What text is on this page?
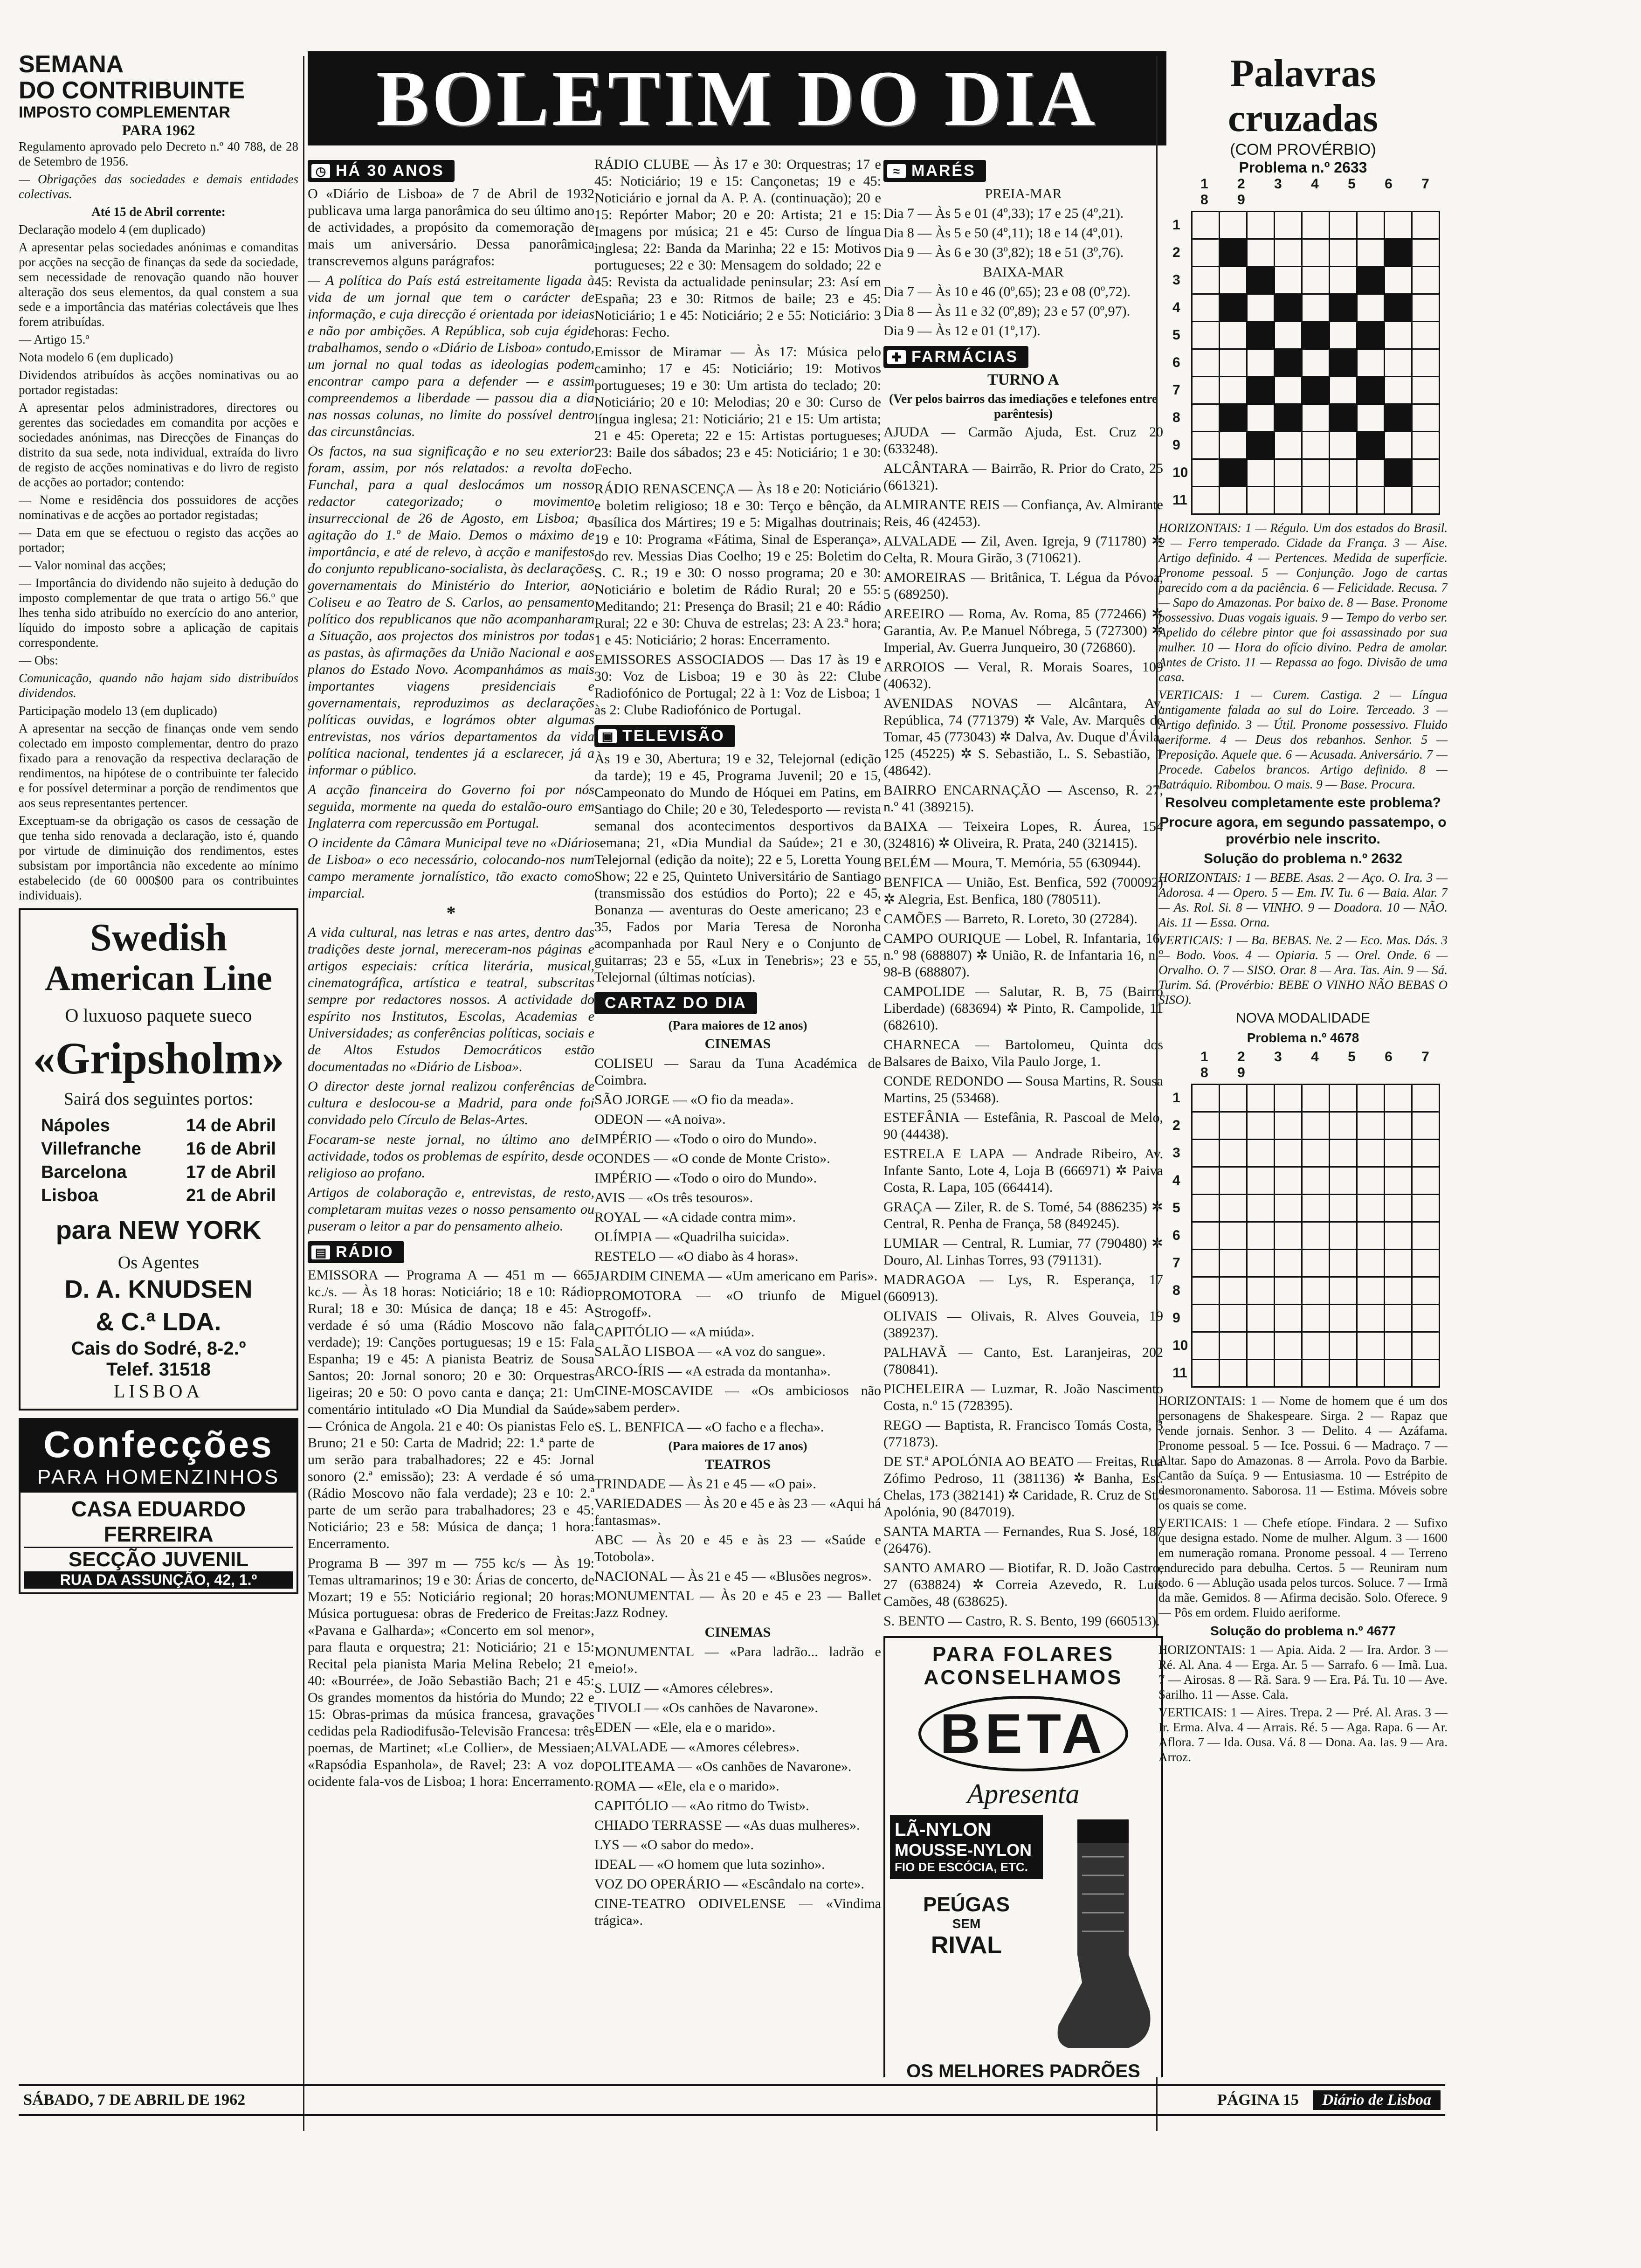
BOLETIM DO DIA
SEMANA
DO CONTRIBUINTE
IMPOSTO COMPLEMENTAR
PARA 1962

Regulamento aprovado pelo Decreto n.º 40 788, de 28 de Setembro de 1956.

— Obrigações das sociedades e demais entidades colectivas.

Até 15 de Abril corrente:

Declaração modelo 4 (em duplicado)

A apresentar pelas sociedades anónimas e comanditas por acções na secção de finanças da sede da sociedade, sem necessidade de renovação quando não houver alteração dos seus elementos, da qual constem a sua sede e a importância das matérias colectáveis que lhes forem atribuídas.

— Artigo 15.º

Nota modelo 6 (em duplicado)

Dividendos atribuídos às acções nominativas ou ao portador registadas:

A apresentar pelos administradores, directores ou gerentes das sociedades em comandita por acções e sociedades anónimas, nas Direcções de Finanças do distrito da sua sede, nota individual, extraída do livro de registo de acções nominativas e do livro de registo de acções ao portador; contendo:

— Nome e residência dos possuidores de acções nominativas e de acções ao portador registadas;

— Data em que se efectuou o registo das acções ao portador;

— Valor nominal das acções;

— Importância do dividendo não sujeito à dedução do imposto complementar de que trata o artigo 56.º que lhes tenha sido atribuído no exercício do ano anterior, líquido do imposto sobre a aplicação de capitais correspondente.

— Obs:

Comunicação, quando não hajam sido distribuídos dividendos.

Participação modelo 13 (em duplicado)

A apresentar na secção de finanças onde vem sendo colectado em imposto complementar, dentro do prazo fixado para a renovação da respectiva declaração de rendimentos, na hipótese de o contribuinte ter falecido e for possível determinar a porção de rendimentos que aos seus representantes pertencer.

Exceptuam-se da obrigação os casos de cessação de que tenha sido renovada a declaração, isto é, quando por virtude de diminuição dos rendimentos, estes subsistam por importância não excedente ao mínimo estabelecido (de 60 000$00 para os contribuintes individuais).

Swedish
American Line
O luxuoso paquete sueco
«Gripsholm»
Sairá dos seguintes portos:
Nápoles	14 de Abril
Villefranche	16 de Abril
Barcelona	17 de Abril
Lisboa	21 de Abril
para NEW YORK
Os Agentes
D. A. KNUDSEN
& C.ª LDA.
Cais do Sodré, 8-2.º
Telef. 31518
LISBOA
Confecções
PARA HOMENZINHOS
CASA EDUARDO FERREIRA
SECÇÃO JUVENIL
RUA DA ASSUNÇÃO, 42, 1.º
◷ HÁ 30 ANOS

O «Diário de Lisboa» de 7 de Abril de 1932 publicava uma larga panorâmica do seu último ano de actividades, a propósito da comemoração de mais um aniversário. Dessa panorâmica transcrevemos alguns parágrafos:

— A política do País está estreitamente ligada à vida de um jornal que tem o carácter de informação, e cuja direcção é orientada por ideias e não por ambições. A República, sob cuja égide trabalhamos, sendo o «Diário de Lisboa» contudo, um jornal no qual todas as ideologias podem encontrar campo para a defender — e assim compreendemos a liberdade — passou dia a dia nas nossas colunas, no limite do possível dentro das circunstâncias.

Os factos, na sua significação e no seu exterior foram, assim, por nós relatados: a revolta do Funchal, para a qual deslocámos um nosso redactor categorizado; o movimento insurreccional de 26 de Agosto, em Lisboa; a agitação do 1.º de Maio. Demos o máximo de importância, e até de relevo, à acção e manifestos do conjunto republicano-socialista, às declarações governamentais do Ministério do Interior, ao Coliseu e ao Teatro de S. Carlos, ao pensamento político dos republicanos que não acompanharam a Situação, aos projectos dos ministros por todas as pastas, às afirmações da União Nacional e aos planos do Estado Novo. Acompanhámos as mais importantes viagens presidenciais e governamentais, reproduzimos as declarações políticas ouvidas, e lográmos obter algumas entrevistas, nos vários departamentos da vida política nacional, tendentes já a esclarecer, já a informar o público.

A acção financeira do Governo foi por nós seguida, mormente na queda do estalão-ouro em Inglaterra com repercussão em Portugal.

O incidente da Câmara Municipal teve no «Diário de Lisboa» o eco necessário, colocando-nos num campo meramente jornalístico, tão exacto como imparcial.

*

A vida cultural, nas letras e nas artes, dentro das tradições deste jornal, mereceram-nos páginas e artigos especiais: crítica literária, musical, cinematográfica, artística e teatral, subscritas sempre por redactores nossos. A actividade do espírito nos Institutos, Escolas, Academias e Universidades; as conferências políticas, sociais e de Altos Estudos Democráticos estão documentadas no «Diário de Lisboa».

O director deste jornal realizou conferências de cultura e deslocou-se a Madrid, para onde foi convidado pelo Círculo de Belas-Artes.

Focaram-se neste jornal, no último ano de actividade, todos os problemas de espírito, desde o religioso ao profano.

Artigos de colaboração e, entrevistas, de resto, completaram muitas vezes o nosso pensamento ou puseram o leitor a par do pensamento alheio.

▤ RÁDIO

EMISSORA — Programa A — 451 m — 665 kc./s. — Às 18 horas: Noticiário; 18 e 10: Rádio Rural; 18 e 30: Música de dança; 18 e 45: A verdade é só uma (Rádio Moscovo não fala verdade); 19: Canções portuguesas; 19 e 15: Fala Espanha; 19 e 45: A pianista Beatriz de Sousa Santos; 20: Jornal sonoro; 20 e 30: Orquestras ligeiras; 20 e 50: O povo canta e dança; 21: Um comentário intitulado «O Dia Mundial da Saúde» — Crónica de Angola. 21 e 40: Os pianistas Felo e Bruno; 21 e 50: Carta de Madrid; 22: 1.ª parte de um serão para trabalhadores; 22 e 45: Jornal sonoro (2.ª emissão); 23: A verdade é só uma (Rádio Moscovo não fala verdade); 23 e 10: 2.ª parte de um serão para trabalhadores; 23 e 45: Noticiário; 23 e 58: Música de dança; 1 hora: Encerramento.

Programa B — 397 m — 755 kc/s — Às 19: Temas ultramarinos; 19 e 30: Árias de concerto, de Mozart; 19 e 55: Noticiário regional; 20 horas: Música portuguesa: obras de Frederico de Freitas: «Pavana e Galharda»; «Concerto em sol menor», para flauta e orquestra; 21: Noticiário; 21 e 15: Recital pela pianista Maria Melina Rebelo; 21 e 40: «Bourrée», de João Sebastião Bach; 21 e 45: Os grandes momentos da história do Mundo; 22 e 15: Obras-primas da música francesa, gravações cedidas pela Radiodifusão-Televisão Francesa: três poemas, de Martinet; «Le Collier», de Messiaen; «Rapsódia Espanhola», de Ravel; 23: A voz do ocidente fala-vos de Lisboa; 1 hora: Encerramento.

RÁDIO CLUBE — Às 17 e 30: Orquestras; 17 e 45: Noticiário; 19 e 15: Cançonetas; 19 e 45: Noticiário e jornal da A. P. A. (continuação); 20 e 15: Repórter Mabor; 20 e 20: Artista; 21 e 15: Imagens por música; 21 e 45: Curso de língua inglesa; 22: Banda da Marinha; 22 e 15: Motivos portugueses; 22 e 30: Mensagem do soldado; 22 e 45: Revista da actualidade peninsular; 23: Así em España; 23 e 30: Ritmos de baile; 23 e 45: Noticiário; 1 e 45: Noticiário; 2 e 55: Noticiário: 3 horas: Fecho.

Emissor de Miramar — Às 17: Música pelo caminho; 17 e 45: Noticiário; 19: Motivos portugueses; 19 e 30: Um artista do teclado; 20: Noticiário; 20 e 10: Melodias; 20 e 30: Curso de língua inglesa; 21: Noticiário; 21 e 15: Um artista; 21 e 45: Opereta; 22 e 15: Artistas portugueses; 23: Baile dos sábados; 23 e 45: Noticiário; 1 e 30: Fecho.

RÁDIO RENASCENÇA — Às 18 e 20: Noticiário e boletim religioso; 18 e 30: Terço e bênção, da basílica dos Mártires; 19 e 5: Migalhas doutrinais; 19 e 10: Programa «Fátima, Sinal de Esperança», do rev. Messias Dias Coelho; 19 e 25: Boletim do S. C. R.; 19 e 30: O nosso programa; 20 e 30: Noticiário e boletim de Rádio Rural; 20 e 55: Meditando; 21: Presença do Brasil; 21 e 40: Rádio Rural; 22 e 30: Chuva de estrelas; 23: A 23.ª hora; 1 e 45: Noticiário; 2 horas: Encerramento.

EMISSORES ASSOCIADOS — Das 17 às 19 e 30: Voz de Lisboa; 19 e 30 às 22: Clube Radiofónico de Portugal; 22 à 1: Voz de Lisboa; 1 às 2: Clube Radiofónico de Portugal.

▣ TELEVISÃO

Às 19 e 30, Abertura; 19 e 32, Telejornal (edição da tarde); 19 e 45, Programa Juvenil; 20 e 15, Campeonato do Mundo de Hóquei em Patins, em Santiago do Chile; 20 e 30, Teledesporto — revista semanal dos acontecimentos desportivos da semana; 21, «Dia Mundial da Saúde»; 21 e 30, Telejornal (edição da noite); 22 e 5, Loretta Young Show; 22 e 25, Quinteto Universitário de Santiago (transmissão dos estúdios do Porto); 22 e 45, Bonanza — aventuras do Oeste americano; 23 e 35, Fados por Maria Teresa de Noronha acompanhada por Raul Nery e o Conjunto de guitarras; 23 e 55, «Lux in Tenebris»; 23 e 55, Telejornal (últimas notícias).

CARTAZ DO DIA

(Para maiores de 12 anos)

CINEMAS

COLISEU — Sarau da Tuna Académica de Coimbra.

SÃO JORGE — «O fio da meada».

ODEON — «A noiva».

IMPÉRIO — «Todo o oiro do Mundo».

CONDES — «O conde de Monte Cristo».

IMPÉRIO — «Todo o oiro do Mundo».

AVIS — «Os três tesouros».

ROYAL — «A cidade contra mim».

OLÍMPIA — «Quadrilha suicida».

RESTELO — «O diabo às 4 horas».

JARDIM CINEMA — «Um americano em Paris».

PROMOTORA — «O triunfo de Miguel Strogoff».

CAPITÓLIO — «A miúda».

SALÃO LISBOA — «A voz do sangue».

ARCO-ÍRIS — «A estrada da montanha».

CINE-MOSCAVIDE — «Os ambiciosos não sabem perder».

S. L. BENFICA — «O facho e a flecha».

(Para maiores de 17 anos)

TEATROS

TRINDADE — Às 21 e 45 — «O pai».

VARIEDADES — Às 20 e 45 e às 23 — «Aqui há fantasmas».

ABC — Às 20 e 45 e às 23 — «Saúde e Totobola».

NACIONAL — Às 21 e 45 — «Blusões negros».

MONUMENTAL — Às 20 e 45 e 23 — Ballet Jazz Rodney.

CINEMAS

MONUMENTAL — «Para ladrão... ladrão e meio!».

S. LUIZ — «Amores célebres».

TIVOLI — «Os canhões de Navarone».

EDEN — «Ele, ela e o marido».

ALVALADE — «Amores célebres».

POLITEAMA — «Os canhões de Navarone».

ROMA — «Ele, ela e o marido».

CAPITÓLIO — «Ao ritmo do Twist».

CHIADO TERRASSE — «As duas mulheres».

LYS — «O sabor do medo».

IDEAL — «O homem que luta sozinho».

VOZ DO OPERÁRIO — «Escândalo na corte».

CINE-TEATRO ODIVELENSE — «Vindima trágica».

≈ MARÉS

PREIA-MAR

Dia 7 — Às 5 e 01 (4º,33); 17 e 25 (4º,21).

Dia 8 — Às 5 e 50 (4º,11); 18 e 14 (4º,01).

Dia 9 — Às 6 e 30 (3º,82); 18 e 51 (3º,76).

BAIXA-MAR

Dia 7 — Às 10 e 46 (0º,65); 23 e 08 (0º,72).

Dia 8 — Às 11 e 32 (0º,89); 23 e 57 (0º,97).

Dia 9 — Às 12 e 01 (1º,17).

✚ FARMÁCIAS

TURNO A

(Ver pelos bairros das imediações e telefones entre parêntesis)

AJUDA — Carmão Ajuda, Est. Cruz 20 (633248).

ALCÂNTARA — Bairrão, R. Prior do Crato, 25 (661321).

ALMIRANTE REIS — Confiança, Av. Almirante Reis, 46 (42453).

ALVALADE — Zil, Aven. Igreja, 9 (711780) ✲ Celta, R. Moura Girão, 3 (710621).

AMOREIRAS — Britânica, T. Légua da Póvoa, 5 (689250).

AREEIRO — Roma, Av. Roma, 85 (772466) ✲ Garantia, Av. P.e Manuel Nóbrega, 5 (727300) ✲ Imperial, Av. Guerra Junqueiro, 30 (726860).

ARROIOS — Veral, R. Morais Soares, 109 (40632).

AVENIDAS NOVAS — Alcântara, Av. República, 74 (771379) ✲ Vale, Av. Marquês de Tomar, 45 (773043) ✲ Dalva, Av. Duque d'Ávila, 125 (45225) ✲ S. Sebastião, L. S. Sebastião, 1 (48642).

BAIRRO ENCARNAÇÃO — Ascenso, R. 27, n.º 41 (389215).

BAIXA — Teixeira Lopes, R. Áurea, 154 (324816) ✲ Oliveira, R. Prata, 240 (321415).

BELÉM — Moura, T. Memória, 55 (630944).

BENFICA — União, Est. Benfica, 592 (700092) ✲ Alegria, Est. Benfica, 180 (780511).

CAMÕES — Barreto, R. Loreto, 30 (27284).

CAMPO OURIQUE — Lobel, R. Infantaria, 16, n.º 98 (688807) ✲ União, R. de Infantaria 16, n.º 98-B (688807).

CAMPOLIDE — Salutar, R. B, 75 (Bairro Liberdade) (683694) ✲ Pinto, R. Campolide, 11 (682610).

CHARNECA — Bartolomeu, Quinta dos Balsares de Baixo, Vila Paulo Jorge, 1.

CONDE REDONDO — Sousa Martins, R. Sousa Martins, 25 (53468).

ESTEFÂNIA — Estefânia, R. Pascoal de Melo, 90 (44438).

ESTRELA E LAPA — Andrade Ribeiro, Av. Infante Santo, Lote 4, Loja B (666971) ✲ Paiva Costa, R. Lapa, 105 (664414).

GRAÇA — Ziler, R. de S. Tomé, 54 (886235) ✲ Central, R. Penha de França, 58 (849245).

LUMIAR — Central, R. Lumiar, 77 (790480) ✲ Douro, Al. Linhas Torres, 93 (791131).

MADRAGOA — Lys, R. Esperança, 17 (660913).

OLIVAIS — Olivais, R. Alves Gouveia, 19 (389237).

PALHAVÃ — Canto, Est. Laranjeiras, 202 (780841).

PICHELEIRA — Luzmar, R. João Nascimento Costa, n.º 15 (728395).

REGO — Baptista, R. Francisco Tomás Costa, 3 (771873).

DE ST.ª APOLÓNIA AO BEATO — Freitas, Rua Zófimo Pedroso, 11 (381136) ✲ Banha, Est. Chelas, 173 (382141) ✲ Caridade, R. Cruz de St.ª Apolónia, 90 (847019).

SANTA MARTA — Fernandes, Rua S. José, 187 (26476).

SANTO AMARO — Biotifar, R. D. João Castro, 27 (638824) ✲ Correia Azevedo, R. Luís Camões, 48 (638625).

S. BENTO — Castro, R. S. Bento, 199 (660513).

PARA FOLARES
ACONSELHAMOS
BETA
Apresenta
LÃ-NYLON
MOUSSE-NYLON
FIO DE ESCÓCIA, ETC.
PEÚGAS
SEM
RIVAL
OS MELHORES PADRÕES
Palavras cruzadas
(COM PROVÉRBIO)
Problema n.º 2633
1 2 3 4 5 6 7 8 9
1									
2									
3									
4									
5									
6									
7									
8									
9									
10									
11									

HORIZONTAIS: 1 — Régulo. Um dos estados do Brasil. 2 — Ferro temperado. Cidade da França. 3 — Aise. Artigo definido. 4 — Pertences. Medida de superfície. Pronome pessoal. 5 — Conjunção. Jogo de cartas parecido com a da paciência. 6 — Felicidade. Recusa. 7 — Sapo do Amazonas. Por baixo de. 8 — Base. Pronome possessivo. Duas vogais iguais. 9 — Tempo do verbo ser. Apelido do célebre pintor que foi assassinado por sua mulher. 10 — Hora do ofício divino. Pedra de amolar. Antes de Cristo. 11 — Repassa ao fogo. Divisão de uma casa.

VERTICAIS: 1 — Curem. Castiga. 2 — Língua antigamente falada ao sul do Loire. Terceado. 3 — Artigo definido. 3 — Útil. Pronome possessivo. Fluido aeriforme. 4 — Deus dos rebanhos. Senhor. 5 — Preposição. Aquele que. 6 — Acusada. Aniversário. 7 — Procede. Cabelos brancos. Artigo definido. 8 — Batráquio. Ribombou. O mais. 9 — Base. Procura.

Resolveu completamente este problema?

Procure agora, em segundo passatempo, o provérbio nele inscrito.

Solução do problema n.º 2632

HORIZONTAIS: 1 — BEBE. Asas. 2 — Aço. O. Ira. 3 — Adorosa. 4 — Opero. 5 — Em. IV. Tu. 6 — Baia. Alar. 7 — As. Rol. Si. 8 — VINHO. 9 — Doadora. 10 — NÃO. Ais. 11 — Essa. Orna.

VERTICAIS: 1 — Ba. BEBAS. Ne. 2 — Eco. Mas. Dás. 3 — Bodo. Voos. 4 — Opiaria. 5 — Orel. Onde. 6 — Orvalho. O. 7 — SISO. Orar. 8 — Ara. Tas. Ain. 9 — Sá. Turim. Sá. (Provérbio: BEBE O VINHO NÃO BEBAS O SISO).

NOVA MODALIDADE

Problema n.º 4678

1 2 3 4 5 6 7 8 9
1									
2									
3									
4									
5									
6									
7									
8									
9									
10									
11									

HORIZONTAIS: 1 — Nome de homem que é um dos personagens de Shakespeare. Sirga. 2 — Rapaz que vende jornais. Senhor. 3 — Delito. 4 — Azáfama. Pronome pessoal. 5 — Ice. Possui. 6 — Madraço. 7 — Altar. Sapo do Amazonas. 8 — Arrola. Povo da Barbie. Cantão da Suíça. 9 — Entusiasma. 10 — Estrépito de desmoronamento. Saborosa. 11 — Estima. Móveis sobre os quais se come.

VERTICAIS: 1 — Chefe etíope. Findara. 2 — Sufixo que designa estado. Nome de mulher. Algum. 3 — 1600 em numeração romana. Pronome pessoal. 4 — Terreno endurecido para debulha. Certos. 5 — Reuniram num todo. 6 — Ablução usada pelos turcos. Soluce. 7 — Irmã da mãe. Gemidos. 8 — Afirma decisão. Solo. Oferece. 9 — Pôs em ordem. Fluido aeriforme.

Solução do problema n.º 4677

HORIZONTAIS: 1 — Apia. Aida. 2 — Ira. Ardor. 3 — Ré. Al. Ana. 4 — Erga. Ar. 5 — Sarrafo. 6 — Imã. Lua. 7 — Airosas. 8 — Rã. Sara. 9 — Era. Pá. Tu. 10 — Ave. Sarilho. 11 — Asse. Cala.

VERTICAIS: 1 — Aires. Trepa. 2 — Pré. Al. Aras. 3 — Ir. Erma. Alva. 4 — Arrais. Ré. 5 — Aga. Rapa. 6 — Ar. Aflora. 7 — Ida. Ousa. Vá. 8 — Dona. Aa. Ias. 9 — Ara. Arroz.

SÁBADO, 7 DE ABRIL DE 1962	PÁGINA 15	Diário de Lisboa
